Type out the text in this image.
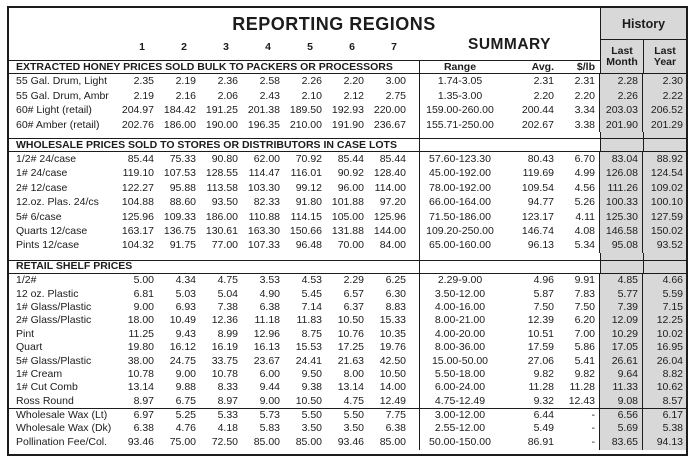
REPORTING REGIONS
1	2	3	4	5	6	7
EXTRACTED HONEY PRICES SOLD BULK TO PACKERS OR PROCESSORS
SUMMARY
Range	Avg.	$/lb
History
Last
Month
Last
Year
55 Gal. Drum, Light	2.35	2.19	2.36	2.58	2.26	2.20	3.00	1.74-3.05	2.31	2.31	2.28	2.30
55 Gal. Drum, Ambr	2.19	2.16	2.06	2.43	2.10	2.12	2.75	1.35-3.00	2.20	2.20	2.26	2.22
60# Light (retail)	204.97 184.42 191.25 201.38 189.50 192.93 220.00	159.00-260.00	200.44	3.34	203.03	206.52
60# Amber (retail)	202.76 186.00 190.00 196.35 210.00 191.90 236.67	155.71-250.00	202.67	3.38	201.90	201.29
WHOLESALE PRICES SOLD TO STORES OR DISTRIBUTORS IN CASE LOTS
1/2# 24/case	85.44	75.33	90.80	62.00	70.92	85.44	85.44	57.60-123.30	80.43	6.70	83.04	88.92
1# 24/case	119.10 107.53 128.55	114.47	116.01	90.92 128.40	45.00-192.00	119.69	4.99	126.08	124.54
2# 12/case	122.27	95.88	113.58 103.30	99.12	96.00	114.00	78.00-192.00	109.54	4.56	111.26	109.02
12.oz. Plas. 24/cs	104.88	88.60	93.50	82.33	91.80 101.88	97.20	66.00-164.00	94.77	5.26	100.33	100.10
5# 6/case	125.96 109.33 186.00	110.88	114.15 105.00 125.96	71.50-186.00	123.17	4.11	125.30	127.59
Quarts 12/case	163.17 136.75 130.61 163.30 150.66 131.88 144.00	109.20-250.00	146.74	4.08	146.58	150.02
Pints 12/case	104.32	91.75	77.00 107.33	96.48	70.00	84.00	65.00-160.00	96.13	5.34	95.08	93.52
RETAIL SHELF PRICES
1/2#	5.00	4.34	4.75	3.53	4.53	2.29	6.25	2.29-9.00	4.96	9.91	4.85	4.66
12 oz. Plastic	6.81	5.03	5.04	4.90	5.45	6.57	6.30	3.50-12.00	5.87	7.83	5.77	5.59
1# Glass/Plastic	9.00	6.93	7.38	6.38	7.14	6.37	8.83	4.00-16.00	7.50	7.50	7.39	7.15
2# Glass/Plastic	18.00	10.49	12.36	11.18	11.83	10.50	15.33	8.00-21.00	12.39	6.20	12.09	12.25
Pint	11.25	9.43	8.99	12.96	8.75	10.76	10.35	4.00-20.00	10.51	7.00	10.29	10.02
Quart	19.80	16.12	16.19	16.13	15.53	17.25	19.76	8.00-36.00	17.59	5.86	17.05	16.95
5# Glass/Plastic	38.00	24.75	33.75	23.67	24.41	21.63	42.50	15.00-50.00	27.06	5.41	26.61	26.04
1# Cream	10.78	9.00	10.78	6.00	9.50	8.00	10.50	5.50-18.00	9.82	9.82	9.64	8.82
1# Cut Comb	13.14	9.88	8.33	9.44	9.38	13.14	14.00	6.00-24.00	11.28	11.28	11.33	10.62
Ross Round	8.97	6.75	8.97	9.00	10.50	4.75	12.49	4.75-12.49	9.32	12.43	9.08	8.57
Wholesale Wax (Lt)	6.97	5.25	5.33	5.73	5.50	5.50	7.75	3.00-12.00	6.44	-	6.56	6.17
Wholesale Wax (Dk)	6.38	4.76	4.18	5.83	3.50	3.50	6.38	2.55-12.00	5.49	-	5.69	5.38
Pollination Fee/Col.	93.46	75.00	72.50	85.00	85.00	93.46	85.00	50.00-150.00	86.91	-	83.65	94.13
